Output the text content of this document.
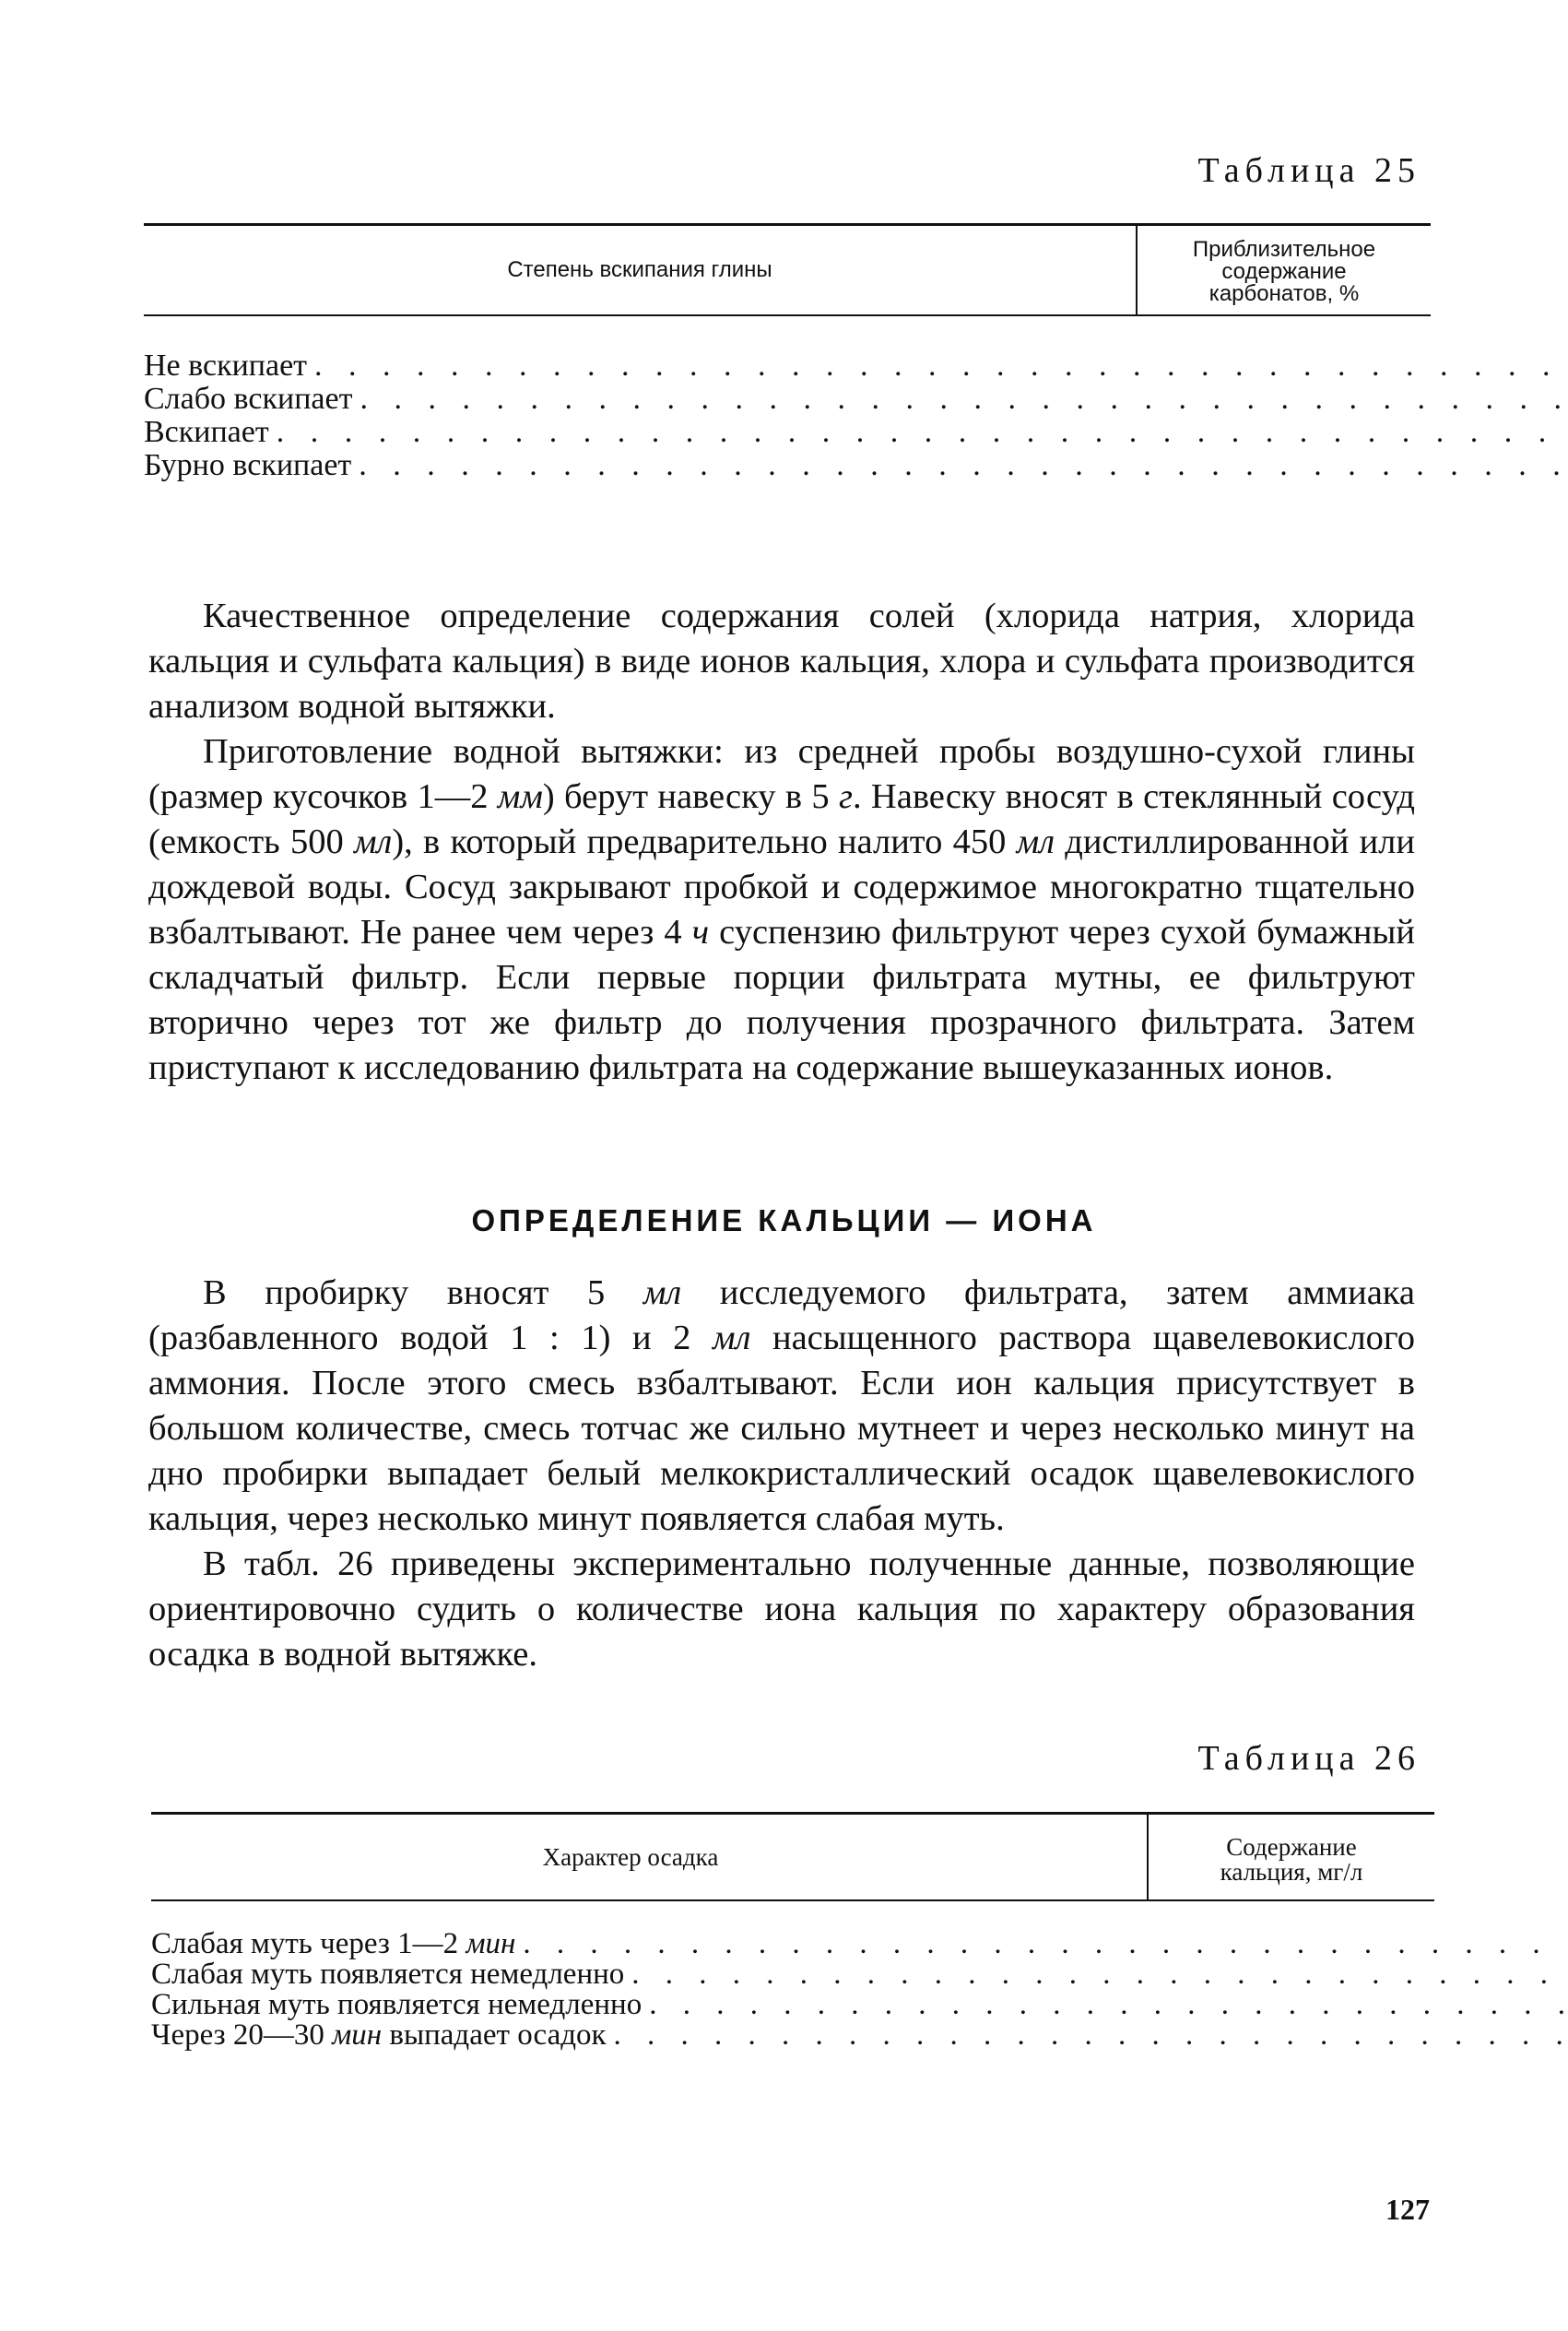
Таблица 25
Степень вскипания глины
Приблизительное
содержание
карбонатов, %
Не вскипает
. . .
Слабо вскипает
. . .
Вскипает
. . .
Бурно вскипает
. . .

Качественное определение содержания солей (хлорида натрия, хлорида кальция и сульфата кальция) в виде ионов кальция, хлора и сульфата производится анализом водной вытяжки.

Приготовление водной вытяжки: из средней пробы воздушно-сухой глины (размер кусочков 1—2 мм) берут навеску в 5 г. Навеску вносят в стеклянный сосуд (емкость 500 мл), в который предварительно налито 450 мл дистиллированной или дождевой воды. Сосуд закрывают пробкой и содержимое многократно тщательно взбалтывают. Не ранее чем через 4 ч суспензию фильтруют через сухой бумажный складчатый фильтр. Если первые порции фильтрата мутны, ее фильтруют вторично через тот же фильтр до получения прозрачного фильтрата. Затем приступают к исследованию фильтрата на содержание вышеуказанных ионов.

ОПРЕДЕЛЕНИЕ КАЛЬЦИИ — ИОНА

В пробирку вносят 5 мл исследуемого фильтрата, затем аммиака (разбавленного водой 1 : 1) и 2 мл насыщенного раствора щавелевокислого аммония. После этого смесь взбалтывают. Если ион кальция присутствует в большом количестве, смесь тотчас же сильно мутнеет и через несколько минут на дно пробирки выпадает белый мелкокристаллический осадок щавелевокислого кальция, через несколько минут появляется слабая муть.

В табл. 26 приведены экспериментально полученные данные, позволяющие ориентировочно судить о количестве иона кальция по характеру образования осадка в водной вытяжке.

Таблица 26
Характер осадка	Содержание
кальция, мг/л
Слабая муть через 1—2 мин
. . .
Слабая муть появляется немедленно
. . .
Сильная муть появляется немедленно
. . .
Через 20—30 мин выпадает осадок
. . .
127
